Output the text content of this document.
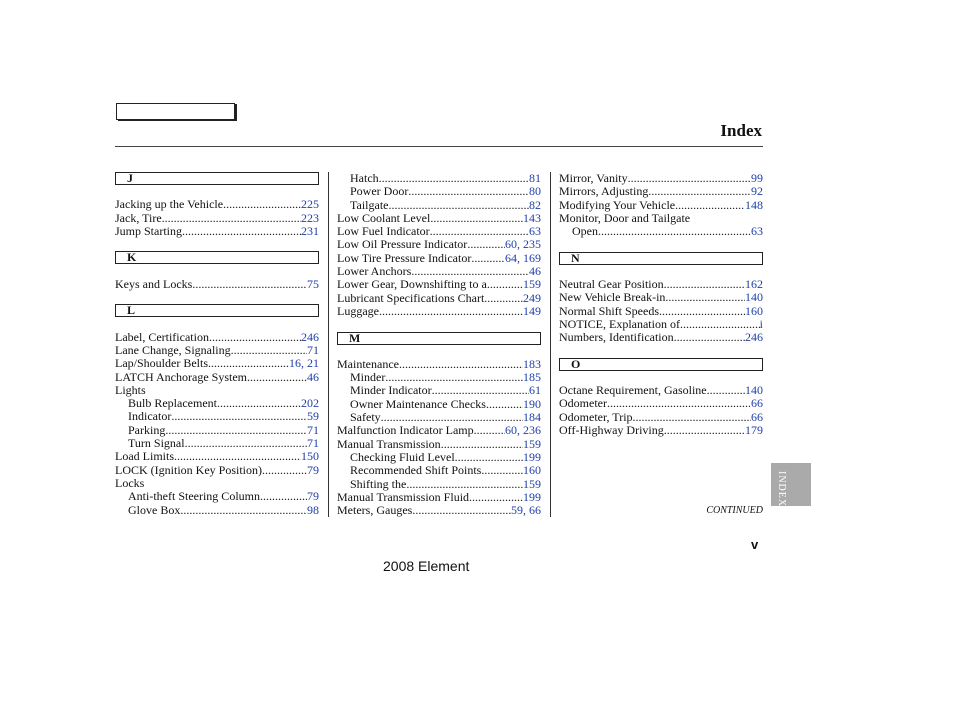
Index
J
Jacking up the Vehicle .....	225
Jack, Tire .....	223
Jump Starting .....	231
K
Keys and Locks .....	75
L
Label, Certification .....	246
Lane Change, Signaling .....	71
Lap/Shoulder Belts .....	16, 21
LATCH Anchorage System .....	46
Lights
Bulb Replacement .....	202
Indicator .....	59
Parking .....	71
Turn Signal .....	71
Load Limits .....	150
LOCK (Ignition Key Position) .....	79
Locks
Anti-theft Steering Column .....	79
Glove Box .....	98
Hatch .....	81
Power Door .....	80
Tailgate .....	82
Low Coolant Level .....	143
Low Fuel Indicator .....	63
Low Oil Pressure Indicator .....	60, 235
Low Tire Pressure Indicator .....	64, 169
Lower Anchors .....	46
Lower Gear, Downshifting to a .....	159
Lubricant Specifications Chart .....	249
Luggage .....	149
M
Maintenance .....	183
Minder .....	185
Minder Indicator .....	61
Owner Maintenance Checks .....	190
Safety .....	184
Malfunction Indicator Lamp .....	60, 236
Manual Transmission .....	159
Checking Fluid Level .....	199
Recommended Shift Points .....	160
Shifting the .....	159
Manual Transmission Fluid .....	199
Meters, Gauges .....	59, 66
Mirror, Vanity .....	99
Mirrors, Adjusting .....	92
Modifying Your Vehicle .....	148
Monitor, Door and Tailgate
Open .....	63
N
Neutral Gear Position .....	162
New Vehicle Break-in .....	140
Normal Shift Speeds .....	160
NOTICE, Explanation of .....	i
Numbers, Identification .....	246
O
Octane Requirement, Gasoline .....	140
Odometer .....	66
Odometer, Trip .....	66
Off-Highway Driving .....	179
INDEX
CONTINUED
v
2008 Element
